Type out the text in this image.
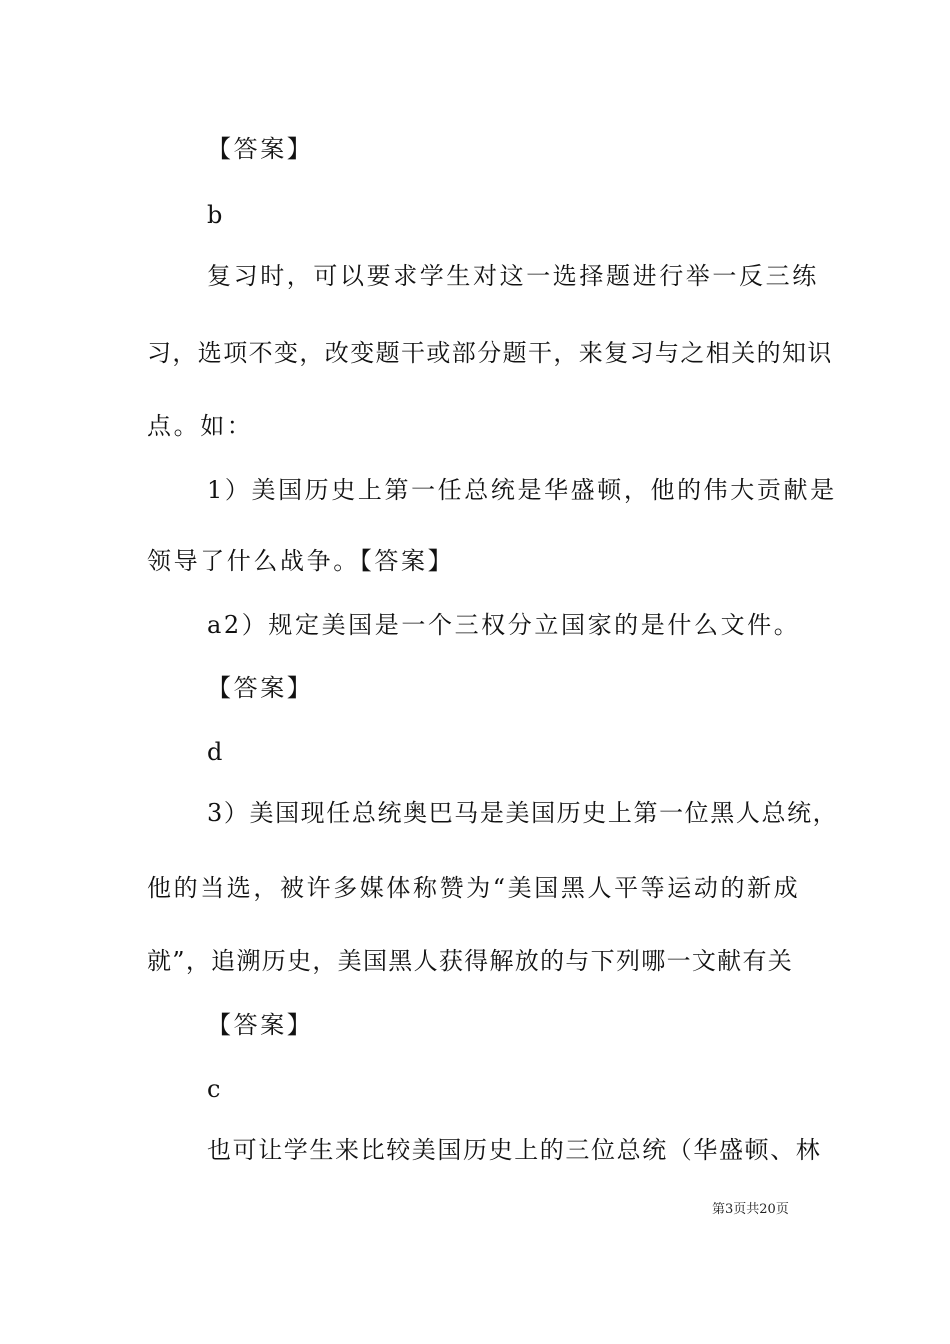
【答案】
b
复习时，可以要求学生对这一选择题进行举一反三练
习，选项不变，改变题干或部分题干，来复习与之相关的知识
点。如：
1）美国历史上第一任总统是华盛顿，他的伟大贡献是
领导了什么战争。【答案】
a2）规定美国是一个三权分立国家的是什么文件。
【答案】
d
3）美国现任总统奥巴马是美国历史上第一位黑人总统，
他的当选，被许多媒体称赞为“美国黑人平等运动的新成
就”，追溯历史，美国黑人获得解放的与下列哪一文献有关
【答案】
c
也可让学生来比较美国历史上的三位总统（华盛顿、林
第3页共20页
